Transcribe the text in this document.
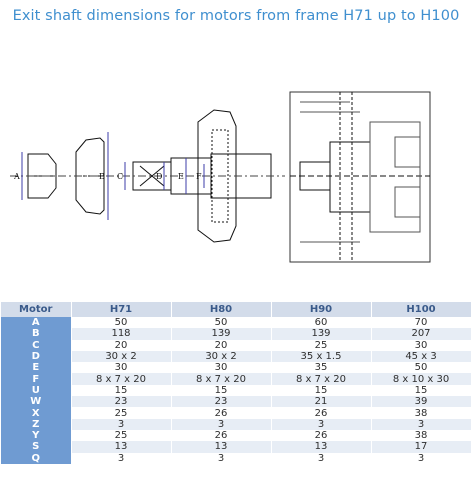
Exit shaft dimensions for motors from frame H71 up to H100
A	B C	D E F
Motor	H71	H80	H90	H100
A	50	50	60	70
B	118	139	139	207
C	20	20	25	30
D	30 x 2	30 x 2	35 x 1.5	45 x 3
E	30	30	35	50
F	8 x 7 x 20	8 x 7 x 20	8 x 7 x 20	8 x 10 x 30
U	15	15	15	15
W	23	23	21	39
X	25	26	26	38
Z	3	3	3	3
Y	25	26	26	38
S	13	13	13	17
Q	3	3	3	3
